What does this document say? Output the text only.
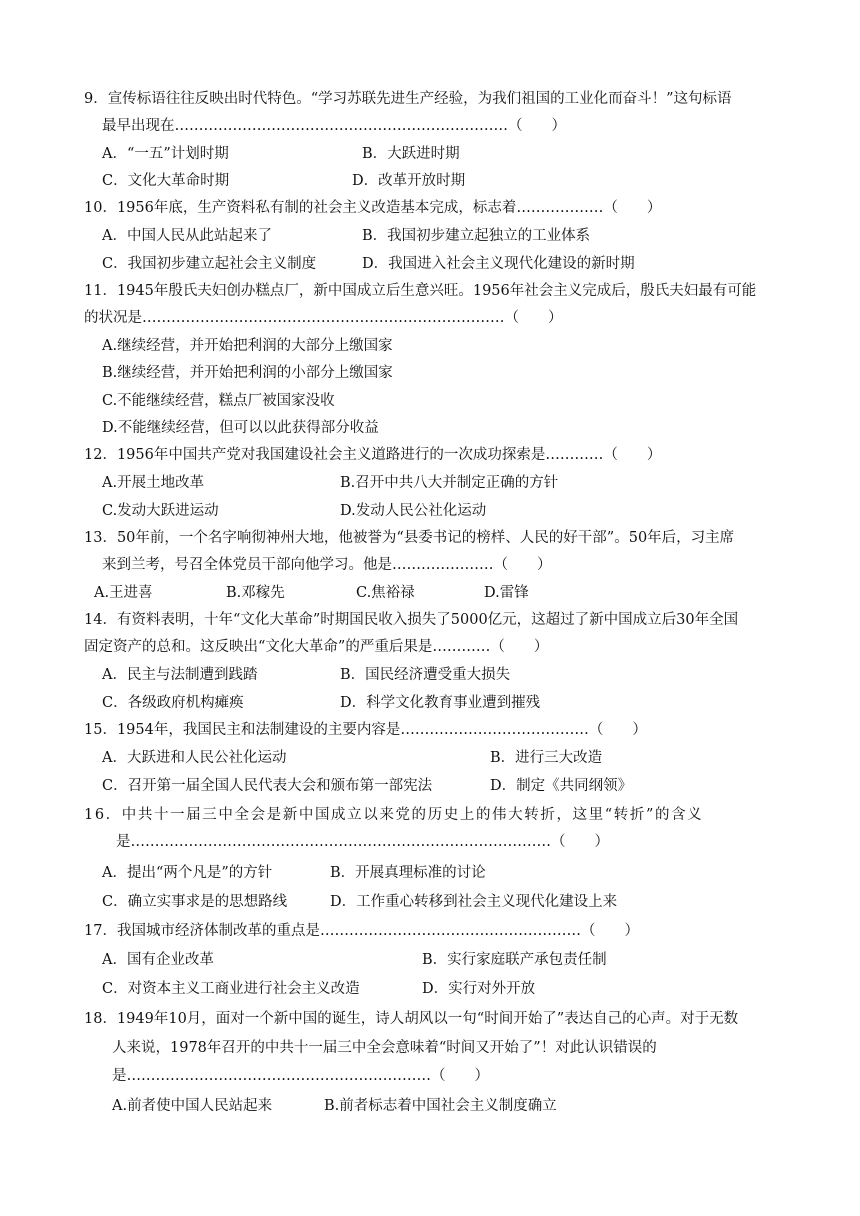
9．宣传标语往往反映出时代特色。“学习苏联先进生产经验，为我们祖国的工业化而奋斗！”这句标语
最早出现在……………………………………………………………（　　）
A．“一五”计划时期	B．大跃进时期
C．文化大革命时期	D．改革开放时期
10．1956年底，生产资料私有制的社会主义改造基本完成，标志着………………（　　）
A．中国人民从此站起来了	B．我国初步建立起独立的工业体系
C．我国初步建立起社会主义制度	D．我国进入社会主义现代化建设的新时期
11．1945年殷氏夫妇创办糕点厂，新中国成立后生意兴旺。1956年社会主义完成后，殷氏夫妇最有可能
的状况是…………………………………………………………………（　　）
A.继续经营，并开始把利润的大部分上缴国家
B.继续经营，并开始把利润的小部分上缴国家
C.不能继续经营，糕点厂被国家没收
D.不能继续经营，但可以以此获得部分收益
12．1956年中国共产党对我国建设社会主义道路进行的一次成功探索是…………（　　）
A.开展土地改革	B.召开中共八大并制定正确的方针
C.发动大跃进运动	D.发动人民公社化运动
13．50年前，一个名字响彻神州大地，他被誉为“县委书记的榜样、人民的好干部”。50年后，习主席
来到兰考，号召全体党员干部向他学习。他是…………………（　　）
A.王进喜	B.邓稼先	C.焦裕禄	D.雷锋
14．有资料表明，十年“文化大革命”时期国民收入损失了5000亿元，这超过了新中国成立后30年全国
固定资产的总和。这反映出“文化大革命”的严重后果是…………（　　）
A．民主与法制遭到践踏	B．国民经济遭受重大损失
C．各级政府机构瘫痪	D．科学文化教育事业遭到摧残
15．1954年，我国民主和法制建设的主要内容是…………………………………（　　）
A．大跃进和人民公社化运动	B．进行三大改造
C．召开第一届全国人民代表大会和颁布第一部宪法	D．制定《共同纲领》
16．中共十一届三中全会是新中国成立以来党的历史上的伟大转折，这里“转折”的含义
是……………………………………………………………………………（　　）
A．提出“两个凡是”的方针	B．开展真理标准的讨论
C．确立实事求是的思想路线	D．工作重心转移到社会主义现代化建设上来
17．我国城市经济体制改革的重点是………………………………………………（　　）
A．国有企业改革	B．实行家庭联产承包责任制
C．对资本主义工商业进行社会主义改造	D．实行对外开放
18．1949年10月，面对一个新中国的诞生，诗人胡风以一句“时间开始了”表达自己的心声。对于无数
人来说，1978年召开的中共十一届三中全会意味着“时间又开始了”！对此认识错误的
是………………………………………………………（　　）
A.前者使中国人民站起来	B.前者标志着中国社会主义制度确立
